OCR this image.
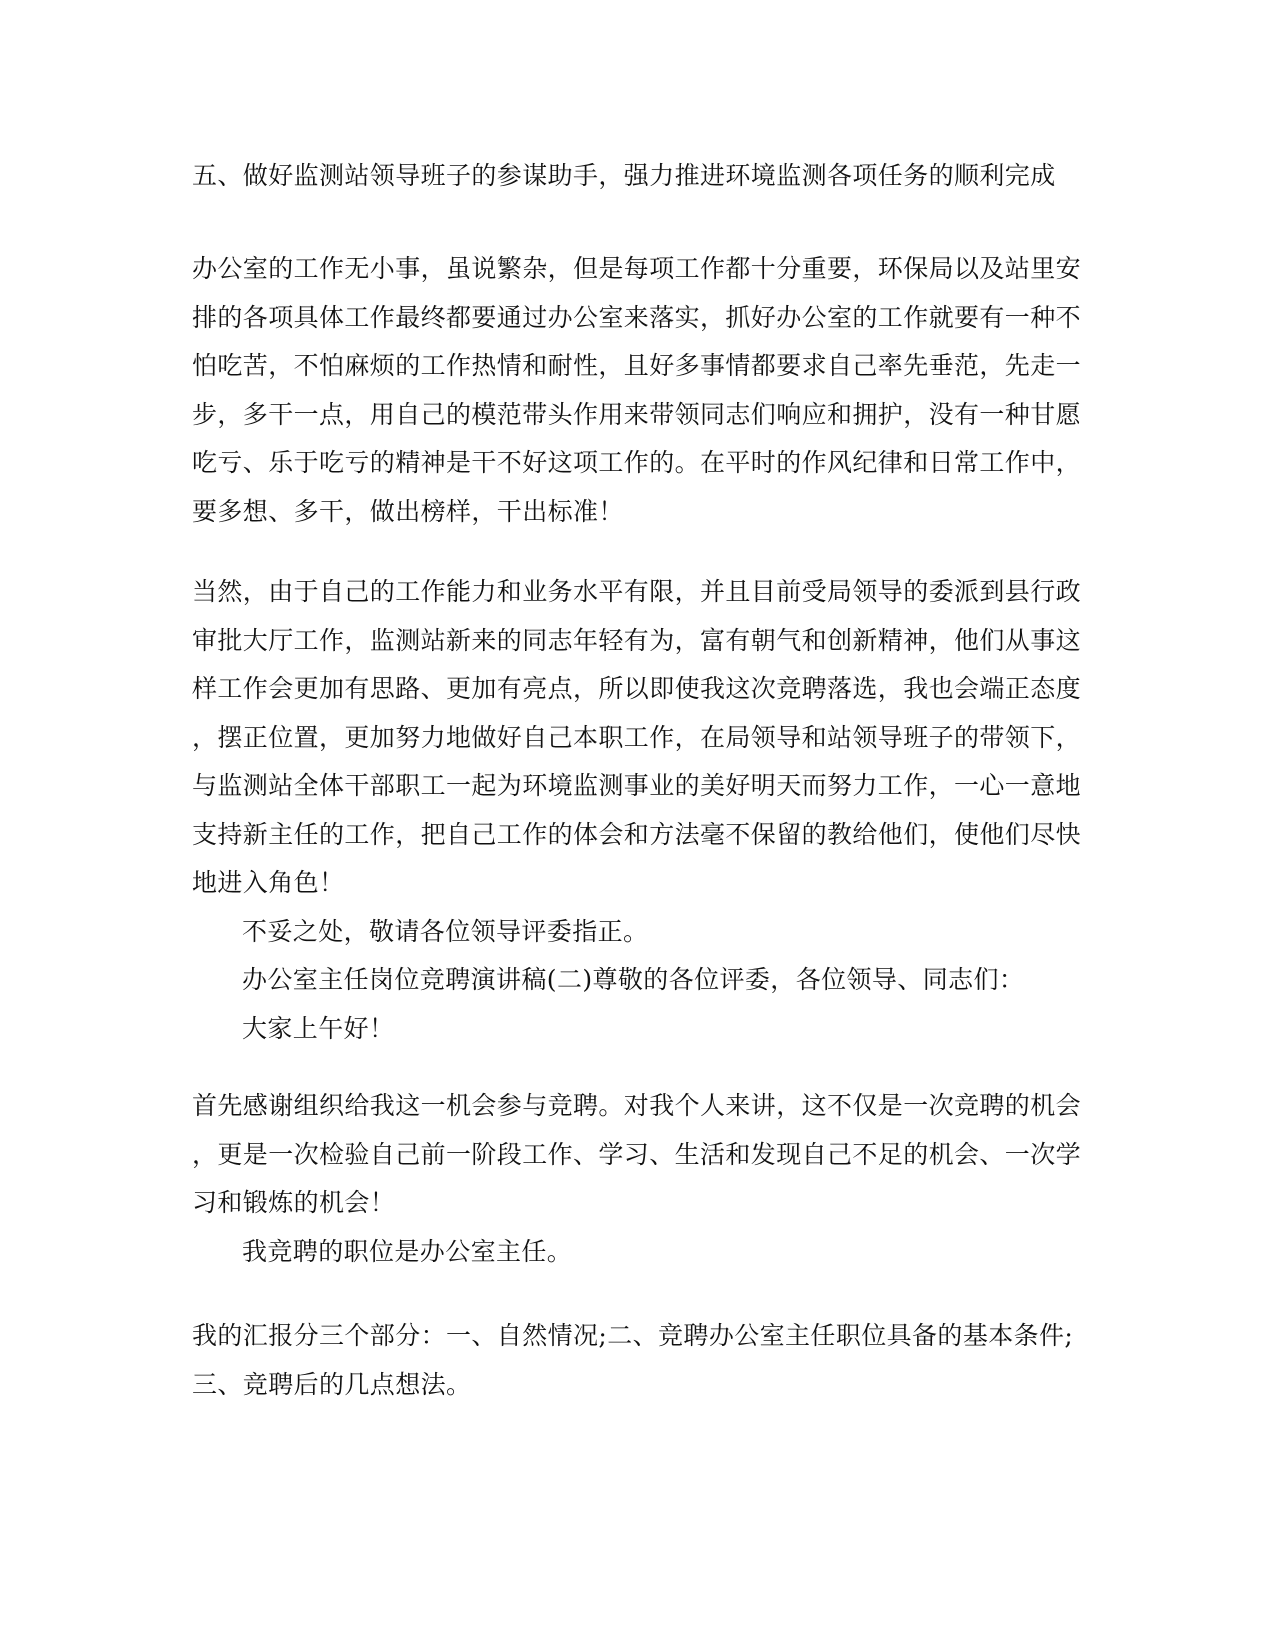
五、做好监测站领导班子的参谋助手，强力推进环境监测各项任务的顺利完成
办公室的工作无小事，虽说繁杂，但是每项工作都十分重要，环保局以及站里安
排的各项具体工作最终都要通过办公室来落实，抓好办公室的工作就要有一种不
怕吃苦，不怕麻烦的工作热情和耐性，且好多事情都要求自己率先垂范，先走一
步，多干一点，用自己的模范带头作用来带领同志们响应和拥护，没有一种甘愿
吃亏、乐于吃亏的精神是干不好这项工作的。在平时的作风纪律和日常工作中，
要多想、多干，做出榜样，干出标准！
当然，由于自己的工作能力和业务水平有限，并且目前受局领导的委派到县行政
审批大厅工作，监测站新来的同志年轻有为，富有朝气和创新精神，他们从事这
样工作会更加有思路、更加有亮点，所以即使我这次竞聘落选，我也会端正态度
，摆正位置，更加努力地做好自己本职工作，在局领导和站领导班子的带领下，
与监测站全体干部职工一起为环境监测事业的美好明天而努力工作，一心一意地
支持新主任的工作，把自己工作的体会和方法毫不保留的教给他们，使他们尽快
地进入角色！
不妥之处，敬请各位领导评委指正。
办公室主任岗位竞聘演讲稿(二)尊敬的各位评委，各位领导、同志们：
大家上午好！
首先感谢组织给我这一机会参与竞聘。对我个人来讲，这不仅是一次竞聘的机会
，更是一次检验自己前一阶段工作、学习、生活和发现自己不足的机会、一次学
习和锻炼的机会！
我竞聘的职位是办公室主任。
我的汇报分三个部分：一、自然情况;二、竞聘办公室主任职位具备的基本条件;
三、竞聘后的几点想法。
